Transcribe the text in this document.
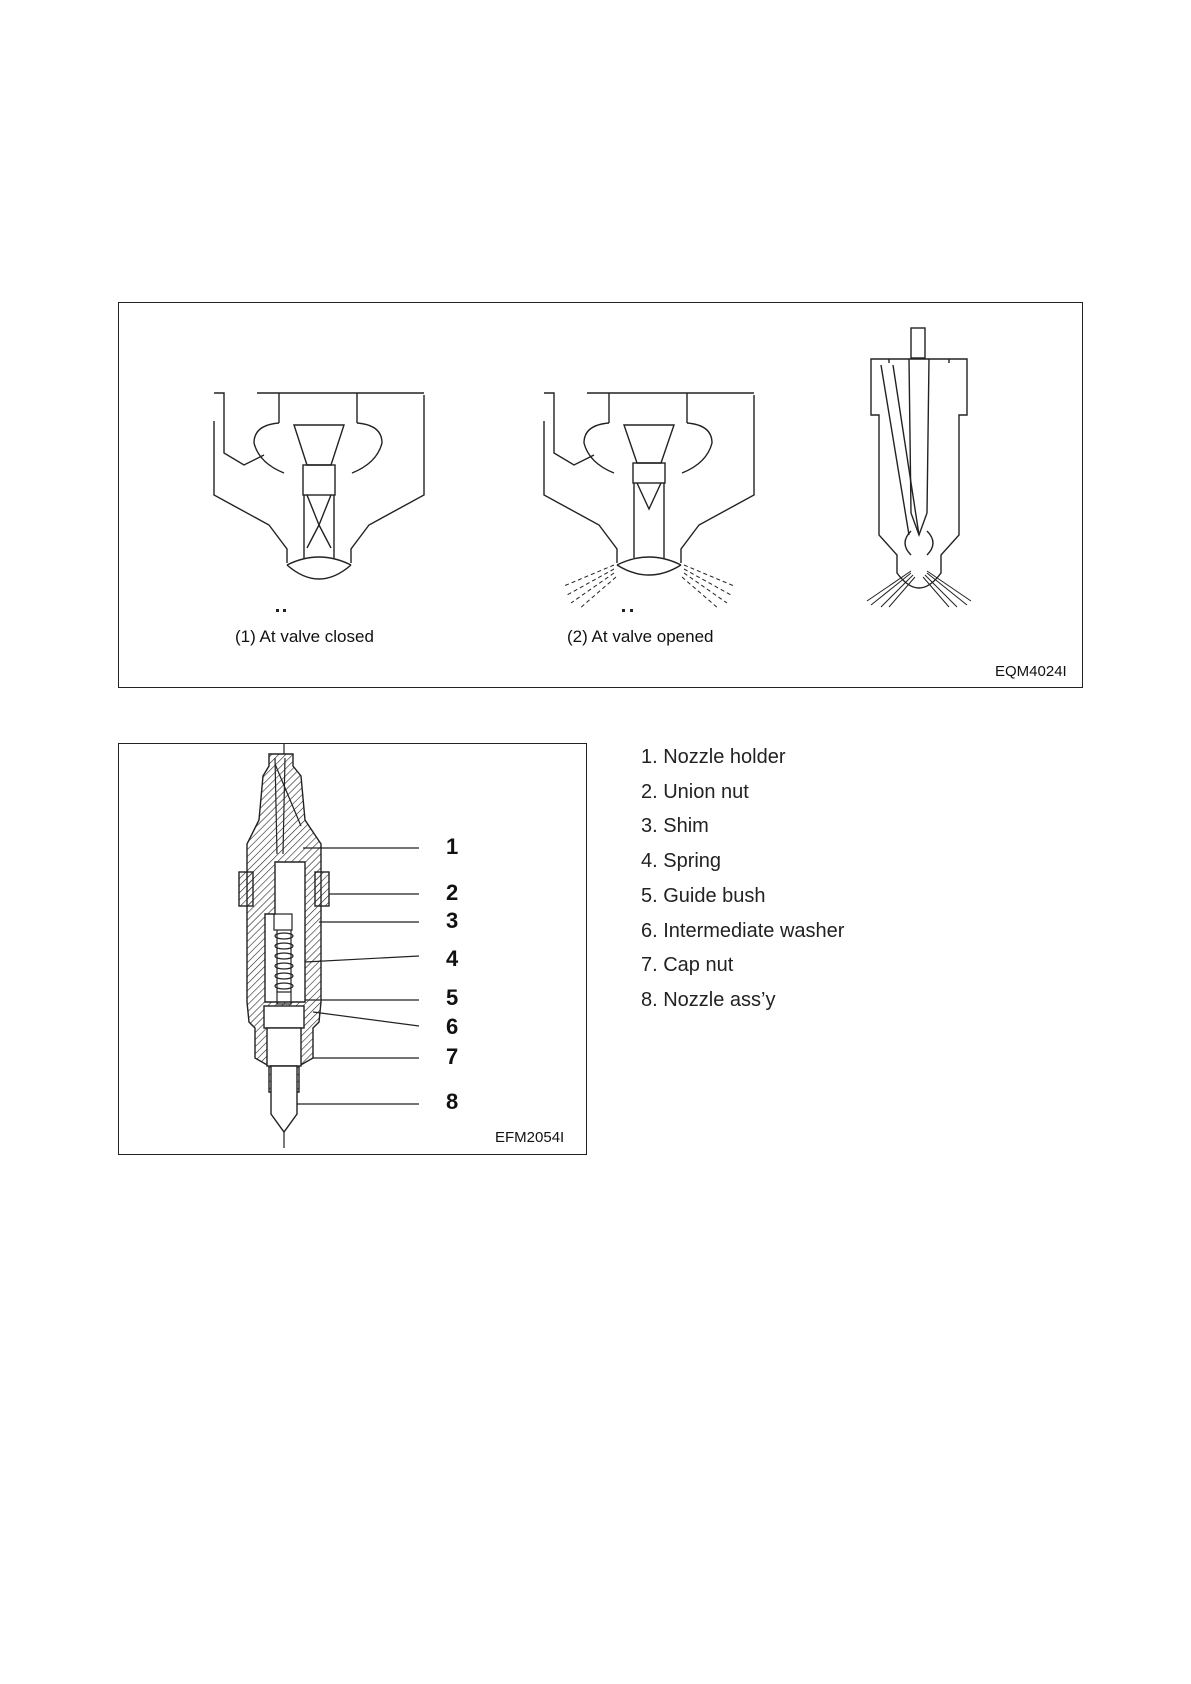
(1) At valve closed	(2) At valve opened
EQM4024I
1
2
3
4
5
6
7
8
EFM2054I
1. Nozzle holder
2. Union nut
3. Shim
4. Spring
5. Guide bush
6. Intermediate washer
7. Cap nut
8. Nozzle ass’y
